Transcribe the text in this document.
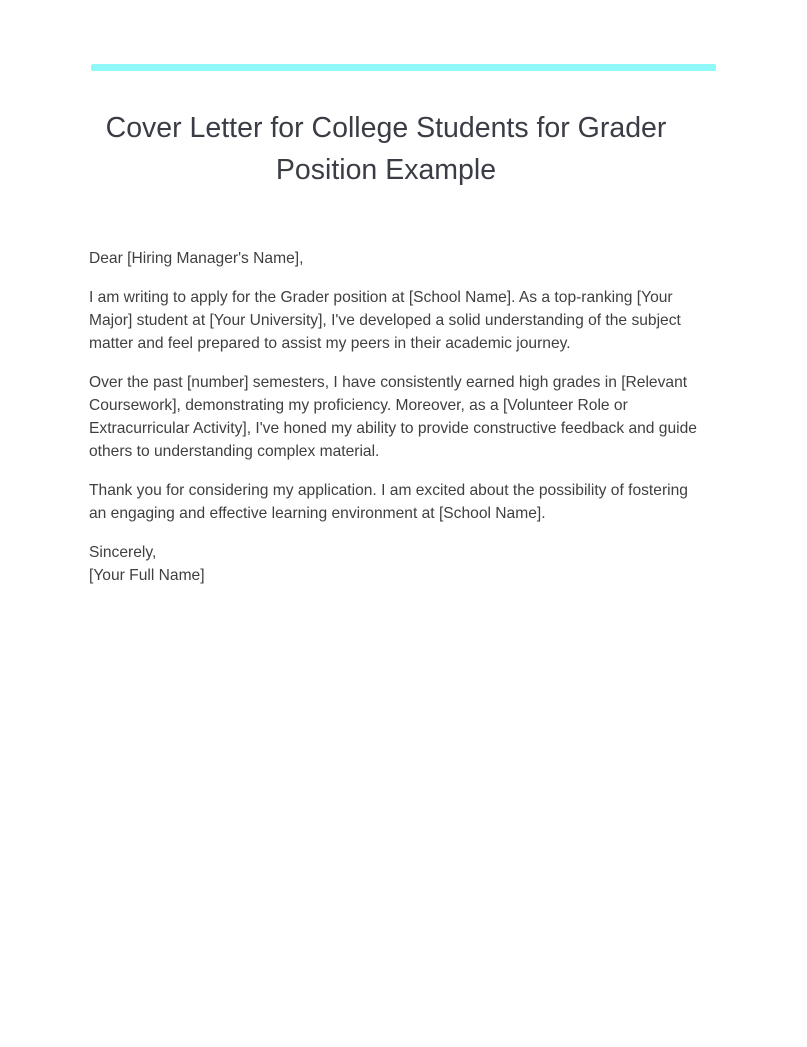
Cover Letter for College Students for Grader Position Example

Dear [Hiring Manager's Name],

I am writing to apply for the Grader position at [School Name]. As a top-ranking [Your Major] student at [Your University], I've developed a solid understanding of the subject matter and feel prepared to assist my peers in their academic journey.

Over the past [number] semesters, I have consistently earned high grades in [Relevant Coursework], demonstrating my proficiency. Moreover, as a [Volunteer Role or Extracurricular Activity], I've honed my ability to provide constructive feedback and guide others to understanding complex material.

Thank you for considering my application. I am excited about the possibility of fostering an engaging and effective learning environment at [School Name].

Sincerely,
[Your Full Name]
